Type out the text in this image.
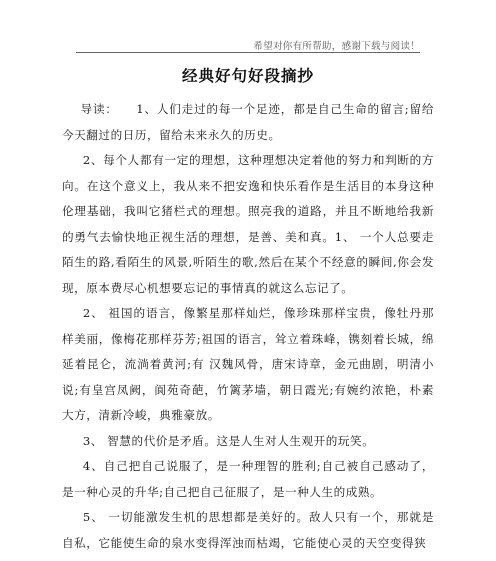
希望对你有所帮助，感谢下载与阅读！
经典好句好段摘抄

导读： 1、人们走过的每一个足迹，都是自己生命的留言;留给今天翻过的日历，留给未来永久的历史。

2、每个人都有一定的理想，这种理想决定着他的努力和判断的方向。在这个意义上，我从来不把安逸和快乐看作是生活目的本身这种伦理基础，我叫它猪栏式的理想。照亮我的道路，并且不断地给我新的勇气去愉快地正视生活的理想，是善、美和真。1、 一个人总要走陌生的路,看陌生的风景,听陌生的歌,然后在某个不经意的瞬间,你会发现，原本费尽心机想要忘记的事情真的就这么忘记了。

2、 祖国的语言，像繁星那样灿烂，像珍珠那样宝贵，像牡丹那样美丽，像梅花那样芬芳;祖国的语言，耸立着珠峰，镌刻着长城，绵延着昆仑，流淌着黄河;有 汉魏风骨，唐宋诗章，金元曲剧，明清小说;有皇宫凤阙，阆苑奇葩，竹篱茅墙，朝日霞光;有婉约浓艳，朴素大方，清新冷峻，典雅豪放。

3、 智慧的代价是矛盾。这是人生对人生观开的玩笑。

4、自己把自己说服了，是一种理智的胜利;自己被自己感动了，是一种心灵的升华;自己把自己征服了，是一种人生的成熟。

5、 一切能激发生机的思想都是美好的。敌人只有一个，那就是自私，它能使生命的泉水变得浑浊而枯竭，它能使心灵的天空变得狭
